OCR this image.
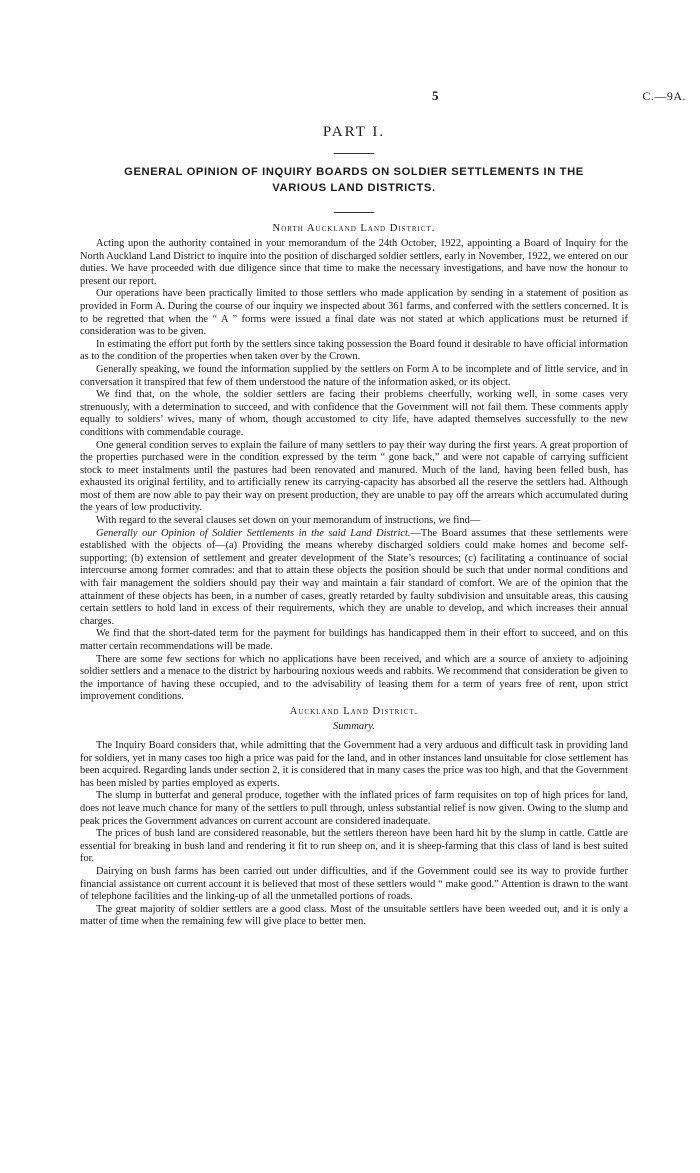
5	C.—9A.
PART I.
GENERAL OPINION OF INQUIRY BOARDS ON SOLDIER SETTLEMENTS IN THE
VARIOUS LAND DISTRICTS.
North Auckland Land District.

Acting upon the authority contained in your memorandum of the 24th October, 1922, appointing a Board of Inquiry for the North Auckland Land District to inquire into the position of discharged soldier settlers, early in November, 1922, we entered on our duties. We have proceeded with due diligence since that time to make the necessary investigations, and have now the honour to present our report.

Our operations have been practically limited to those settlers who made application by sending in a statement of position as provided in Form A. During the course of our inquiry we inspected about 361 farms, and conferred with the settlers concerned. It is to be regretted that when the “ A ” forms were issued a final date was not stated at which applications must be returned if consideration was to be given.

In estimating the effort put forth by the settlers since taking possession the Board found it desirable to have official information as to the condition of the properties when taken over by the Crown.

Generally speaking, we found the information supplied by the settlers on Form A to be incomplete and of little service, and in conversation it transpired that few of them understood the nature of the information asked, or its object.

We find that, on the whole, the soldier settlers are facing their problems cheerfully, working well, in some cases very strenuously, with a determination to succeed, and with confidence that the Government will not fail them. These comments apply equally to soldiers’ wives, many of whom, though accustomed to city life, have adapted themselves successfully to the new conditions with commendable courage.

One general condition serves to explain the failure of many settlers to pay their way during the first years. A great proportion of the properties purchased were in the condition expressed by the term “ gone back,” and were not capable of carrying sufficient stock to meet instalments until the pastures had been renovated and manured. Much of the land, having been felled bush, has exhausted its original fertility, and to artificially renew its carrying-capacity has absorbed all the reserve the settlers had. Although most of them are now able to pay their way on present production, they are unable to pay off the arrears which accumulated during the years of low productivity.

With regard to the several clauses set down on your memorandum of instructions, we find—

Generally our Opinion of Soldier Settlements in the said Land District.—The Board assumes that these settlements were established with the objects of—(a) Providing the means whereby discharged soldiers could make homes and become self-supporting; (b) extension of settlement and greater development of the State’s resources; (c) facilitating a continuance of social intercourse among former comrades: and that to attain these objects the position should be such that under normal conditions and with fair management the soldiers should pay their way and maintain a fair standard of comfort. We are of the opinion that the attainment of these objects has been, in a number of cases, greatly retarded by faulty subdivision and unsuitable areas, this causing certain settlers to hold land in excess of their requirements, which they are unable to develop, and which increases their annual charges.

We find that the short-dated term for the payment for buildings has handicapped them in their effort to succeed, and on this matter certain recommendations will be made.

There are some few sections for which no applications have been received, and which are a source of anxiety to adjoining soldier settlers and a menace to the district by harbouring noxious weeds and rabbits. We recommend that consideration be given to the importance of having these occupied, and to the advisability of leasing them for a term of years free of rent, upon strict improvement conditions.

Auckland Land District.
Summary.

The Inquiry Board considers that, while admitting that the Government had a very arduous and difficult task in providing land for soldiers, yet in many cases too high a price was paid for the land, and in other instances land unsuitable for close settlement has been acquired. Regarding lands under section 2, it is considered that in many cases the price was too high, and that the Government has been misled by parties employed as experts.

The slump in butterfat and general produce, together with the inflated prices of farm requisites on top of high prices for land, does not leave much chance for many of the settlers to pull through, unless substantial relief is now given. Owing to the slump and peak prices the Government advances on current account are considered inadequate.

The prices of bush land are considered reasonable, but the settlers thereon have been hard hit by the slump in cattle. Cattle are essential for breaking in bush land and rendering it fit to run sheep on, and it is sheep-farming that this class of land is best suited for.

Dairying on bush farms has been carried out under difficulties, and if the Government could see its way to provide further financial assistance on current account it is believed that most of these settlers would “ make good.” Attention is drawn to the want of telephone facilities and the linking-up of all the unmetalled portions of roads.

The great majority of soldier settlers are a good class. Most of the unsuitable settlers have been weeded out, and it is only a matter of time when the remaining few will give place to better men.
